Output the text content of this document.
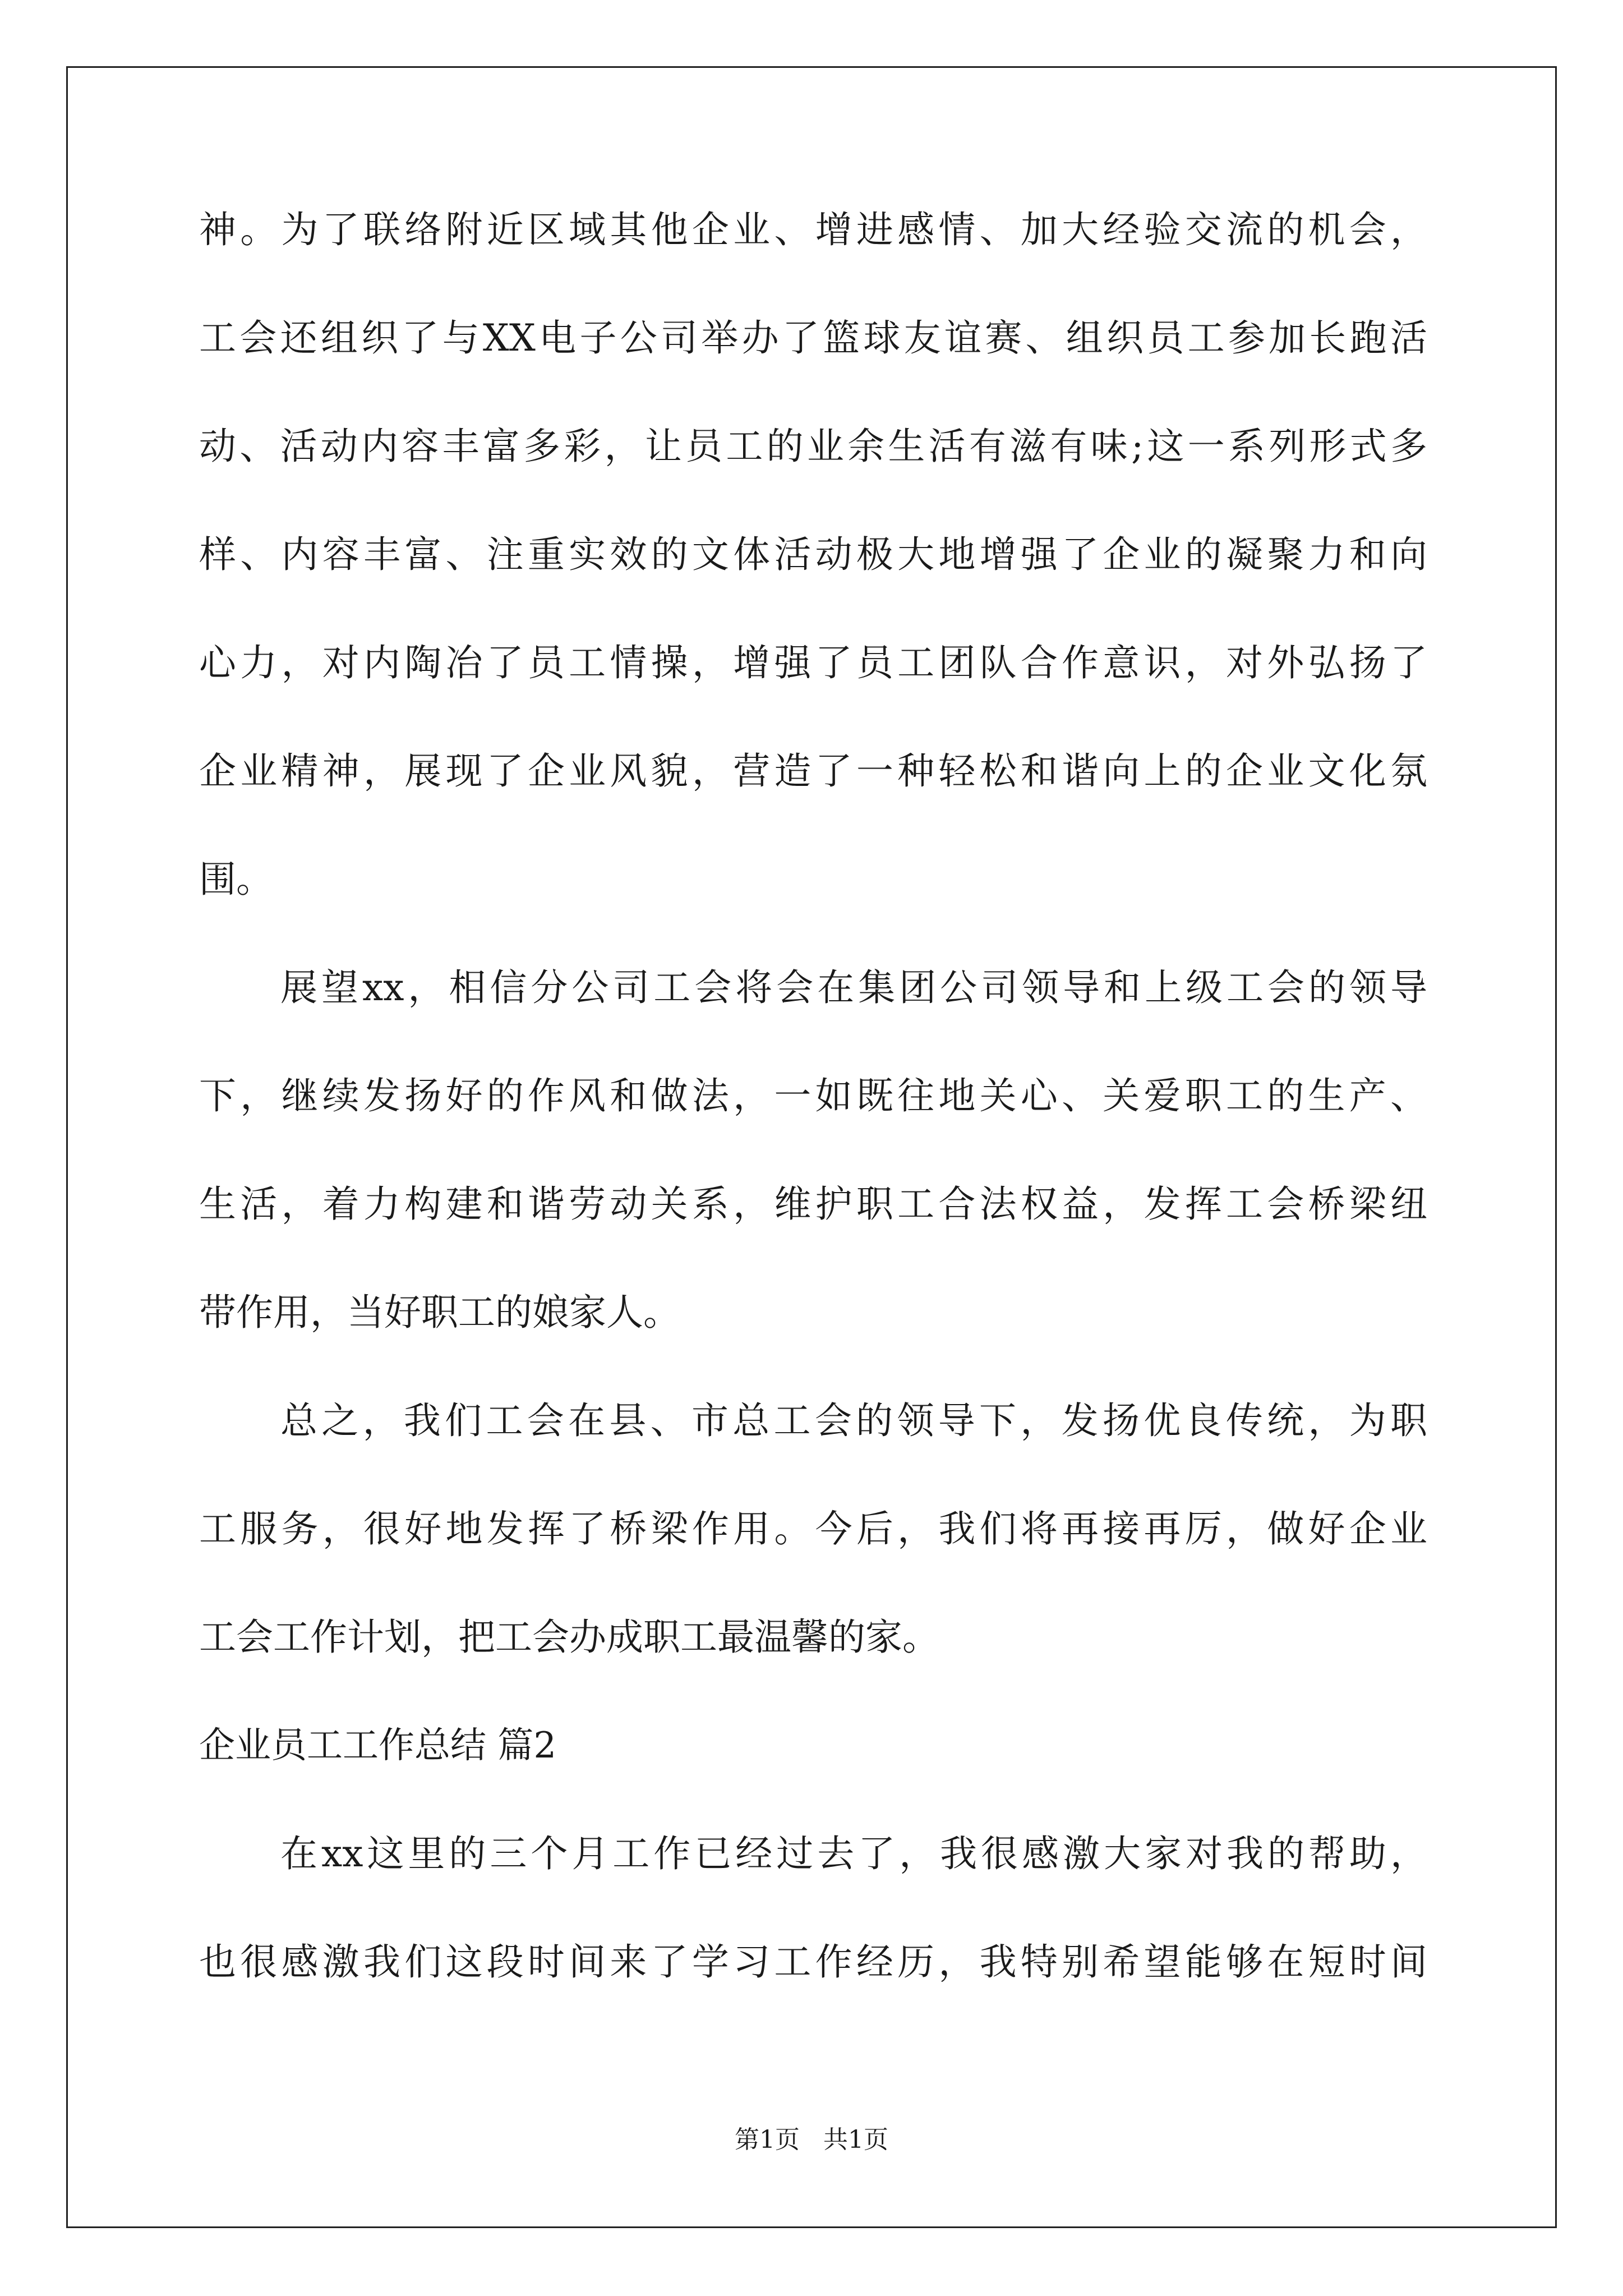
神。为了联络附近区域其他企业、增进感情、加大经验交流的机会，
工会还组织了与XX电子公司举办了篮球友谊赛、组织员工参加长跑活
动、活动内容丰富多彩，让员工的业余生活有滋有味;这一系列形式多
样、内容丰富、注重实效的文体活动极大地增强了企业的凝聚力和向
心力，对内陶冶了员工情操，增强了员工团队合作意识，对外弘扬了
企业精神，展现了企业风貌，营造了一种轻松和谐向上的企业文化氛
围。
展望xx，相信分公司工会将会在集团公司领导和上级工会的领导
下，继续发扬好的作风和做法，一如既往地关心、关爱职工的生产、
生活，着力构建和谐劳动关系，维护职工合法权益，发挥工会桥梁纽
带作用，当好职工的娘家人。
总之，我们工会在县、市总工会的领导下，发扬优良传统，为职
工服务，很好地发挥了桥梁作用。今后，我们将再接再厉，做好企业
工会工作计划，把工会办成职工最温馨的家。
企业员工工作总结 篇2
在xx这里的三个月工作已经过去了，我很感激大家对我的帮助，
也很感激我们这段时间来了学习工作经历，我特别希望能够在短时间
第1页   共1页
